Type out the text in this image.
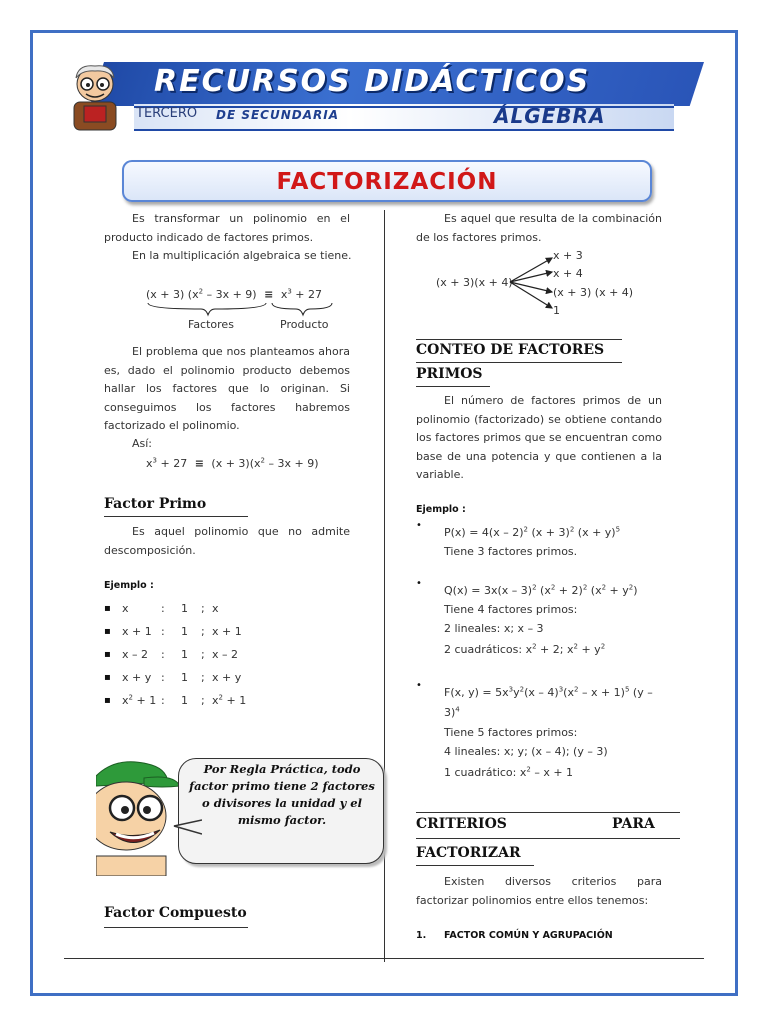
RECURSOS DIDÁCTICOS
TERCERO DE SECUNDARIA	ÁLGEBRA
FACTORIZACIÓN
Es transformar un polinomio en el producto indicado de factores primos.
En la multiplicación algebraica se tiene.
(x + 3) $(x^2 - 3x + 9) \equiv x^3 + 27$
Factores	Producto
El problema que nos planteamos ahora es, dado el polinomio producto debemos hallar los factores que lo originan. Si conseguimos los factores habremos factorizado el polinomio.
Así:
$x^3 + 27 \equiv (x + 3)(x^2 - 3x + 9)$
Factor Primo
Es aquel polinomio que no admite descomposición.
Ejemplo :
▪ x	: 1 ; x
▪ x + 1 : 1 ; x + 1
▪ x – 2 : 1 ; x – 2
▪ x + y : 1 ; x + y
▪ $x^2 + 1$ : 1 ; $x^2 + 1$
Por Regla Práctica, todo factor primo tiene 2 factores o divisores la unidad y el mismo factor.
Factor Compuesto
Es aquel que resulta de la combinación de los factores primos.
(x + 3)(x + 4)
x + 3
x + 4
(x + 3) (x + 4)
1
CONTEO DE FACTORES
PRIMOS
El número de factores primos de un polinomio (factorizado) se obtiene contando los factores primos que se encuentran como base de una potencia y que contienen a la variable.
Ejemplo :
•
P(x) = 4(x – 2)$^2$ $(x + 3)^2$ $(x + y)^5$
Tiene 3 factores primos.
•
Q(x) = 3x(x – 3)$^2$ $(x^2 + 2)^2$ $(x^2 + y^2)$
Tiene 4 factores primos:
2 lineales: x; x – 3
2 cuadráticos: $x^2 + 2$; $x^2 + y^2$
•
F(x, $y) = 5x^3y^2(x - 4)^3(x^2 - x + 1)^5$ (y –
3)$^4$
Tiene 5 factores primos:
4 lineales: x; y; (x – 4); (y – 3)
1 cuadrático: $x^2 - x + 1$
CRITERIOS	PARA
FACTORIZAR
Existen diversos criterios para factorizar polinomios entre ellos tenemos:
1. FACTOR COMÚN Y AGRUPACIÓN
